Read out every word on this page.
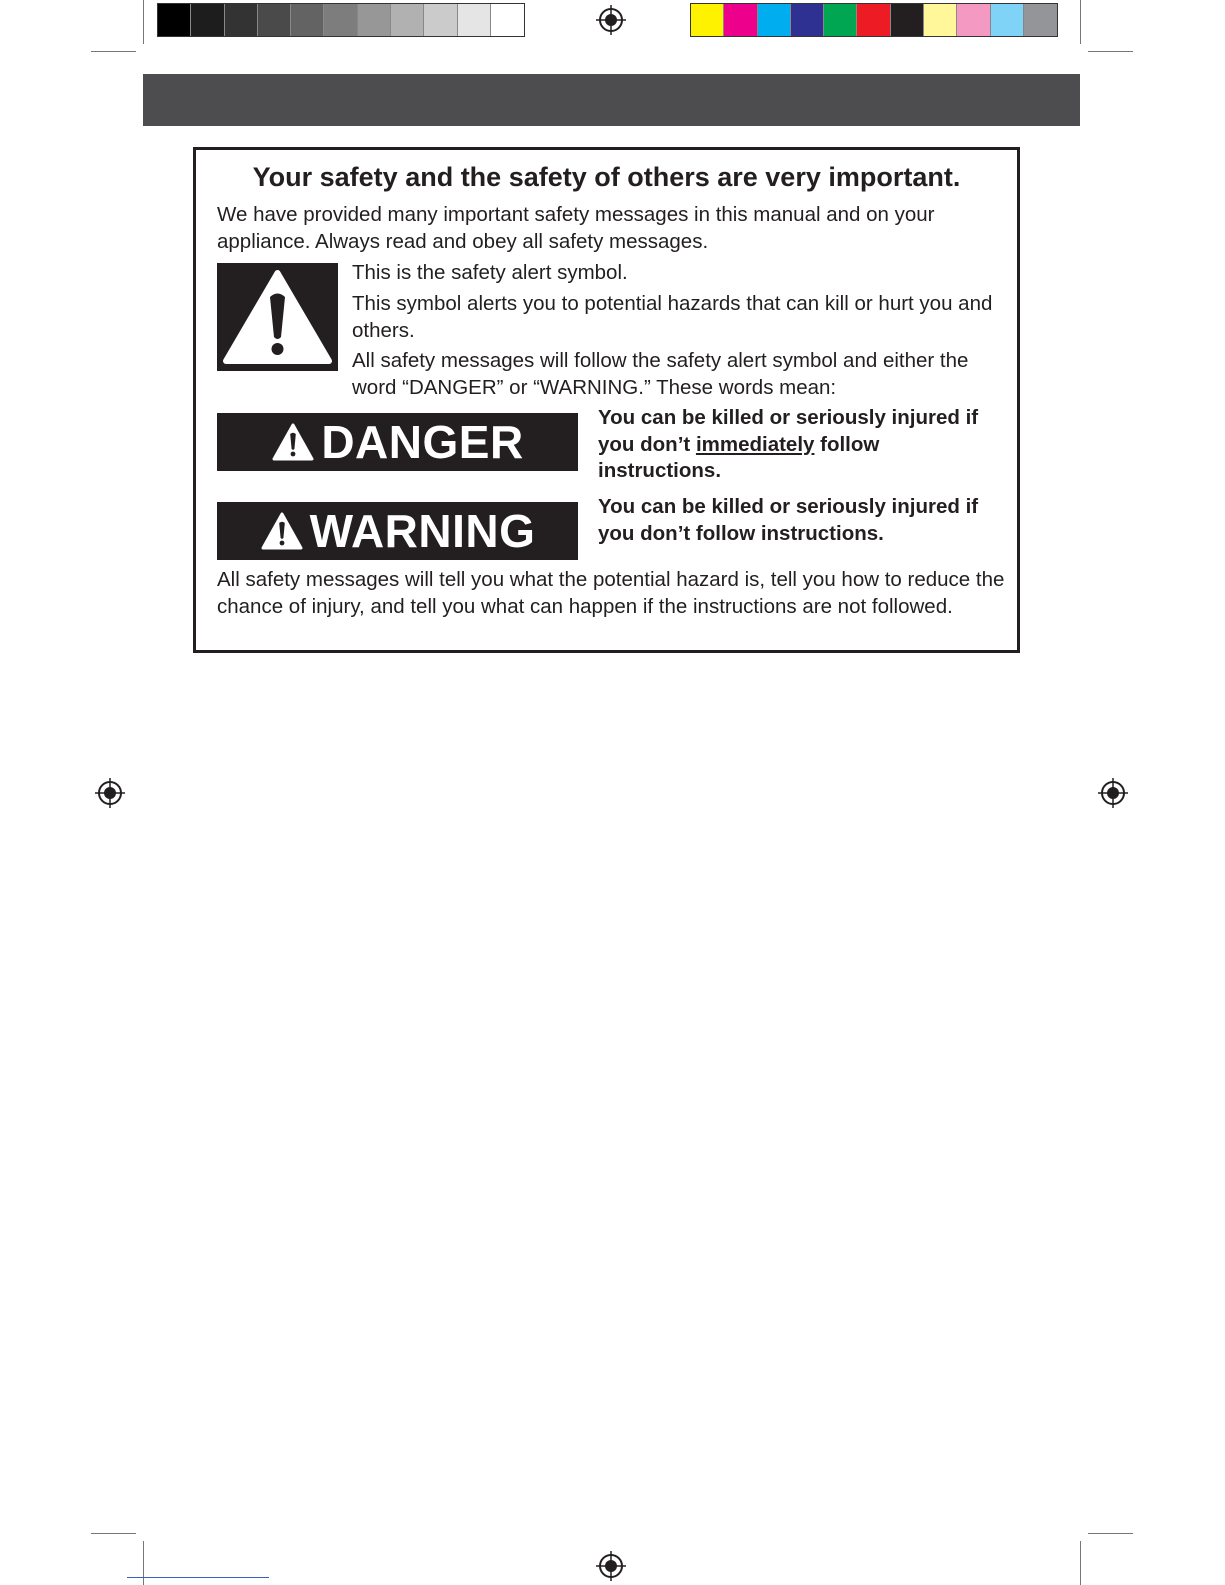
Your safety and the safety of others are very important.
We have provided many important safety messages in this manual and on your appliance. Always read and obey all safety messages.
This is the safety alert symbol.
This symbol alerts you to potential hazards that can kill or hurt you and others.
All safety messages will follow the safety alert symbol and either the word “DANGER” or “WARNING.” These words mean:
DANGER	You can be killed or seriously injured if you don’t immediately follow instructions.
WARNING	You can be killed or seriously injured if you don’t follow instructions.
All safety messages will tell you what the potential hazard is, tell you how to reduce the chance of injury, and tell you what can happen if the instructions are not followed.
